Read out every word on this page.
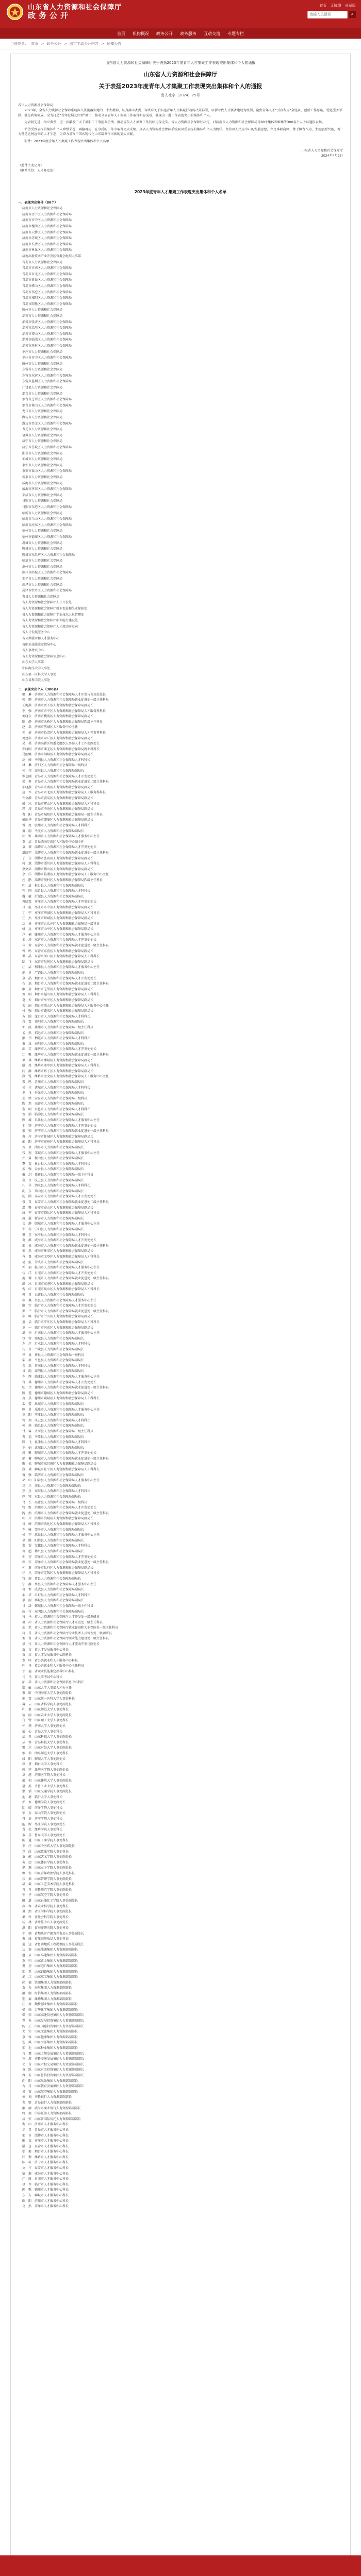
山东省人力资源和社会保障厅
政务公开
首页 无障碍 长辈版
请输入关键词
⌕
首页 机构概况 政务公开 政务服务 互动交流 专题专栏
当前位置： 首页 > 政务公开 > 法定主动公开内容 > 通知公告
山东省人力资源和社会保障厅关于表扬2023年度青年人才集聚工作表现突出集体和个人的通报
山东省人力资源和社会保障厅
关于表扬2023年度青年人才集聚工作表现突出集体和个人的通报
鲁人社字〔2024〕25号
各市人力资源社会保障局：

2023年，全省人力资源社会保障系统深入贯彻落实党的二十大精神，认真落实省委、省政府关于实施青年人才集聚行动的决策部署，以新时代人才强省建设为统领，聚焦青年人才“引育留用”全链条，创新工作思路，优化服务举措，强化政策集成，全力打造“青年发展友好型”城市，推动全省青年人才集聚工作取得明显成效，涌现出一批工作表现突出的集体和个人。

为表扬先进、树立典型，进一步激发广大干部职工干事创业热情，推动青年人才集聚工作持续走深走实，省人力资源社会保障厅决定，对济南市人力资源和社会保障局等80个集体和姬琳等300名个人予以通报表扬。

希望受到表扬的集体和个人珍惜荣誉，再接再厉，在今后的工作中取得更大成绩。全省人力资源社会保障系统要以受表扬的集体和个人为榜样，坚持以人民为中心的发展思想，立足本职岗位，勇于担当作为，主动创新突破，着力营造近悦远来的人才生态，为奋力谱写中国式现代化山东篇章作出新的更大贡献。

附件：2023年度青年人才集聚工作表现突出集体和个人名单

山东省人力资源和社会保障厅
2024年4月2日
（此件主动公开）
（联系单位：人才开发处）
2023年度青年人才集聚工作表现突出集体和个人名单
一、表现突出集体（80个）
济南市人力资源和社会保障局
济南市历下区人力资源和社会保障局
济南市市中区人力资源和社会保障局
济南市槐荫区人力资源和社会保障局
济南市天桥区人力资源和社会保障局
济南市历城区人力资源和社会保障局
济南市长清区人力资源和社会保障局
济南市章丘区人力资源和社会保障局
济南高新技术产业开发区管委会组织人事部
青岛市人力资源和社会保障局
青岛市市南区人力资源和社会保障局
青岛市市北区人力资源和社会保障局
青岛市黄岛区人力资源和社会保障局
青岛市崂山区人力资源和社会保障局
青岛市李沧区人力资源和社会保障局
青岛市城阳区人力资源和社会保障局
青岛市即墨区人力资源和社会保障局
胶州市人力资源和社会保障局
淄博市人力资源和社会保障局
淄博市张店区人力资源和社会保障局
淄博市淄川区人力资源和社会保障局
淄博市博山区人力资源和社会保障局
淄博市临淄区人力资源和社会保障局
淄博市周村区人力资源和社会保障局
枣庄市人力资源和社会保障局
枣庄市市中区人力资源和社会保障局
滕州市人力资源和社会保障局
东营市人力资源和社会保障局
东营市东营区人力资源和社会保障局
东营市垦利区人力资源和社会保障局
广饶县人力资源和社会保障局
烟台市人力资源和社会保障局
烟台市芝罘区人力资源和社会保障局
烟台市莱山区人力资源和社会保障局
龙口市人力资源和社会保障局
潍坊市人力资源和社会保障局
潍坊市奎文区人力资源和社会保障局
寿光市人力资源和社会保障局
诸城市人力资源和社会保障局
济宁市人力资源和社会保障局
济宁市任城区人力资源和社会保障局
曲阜市人力资源和社会保障局
邹城市人力资源和社会保障局
泰安市人力资源和社会保障局
泰安市泰山区人力资源和社会保障局
新泰市人力资源和社会保障局
威海市人力资源和社会保障局
威海市环翠区人力资源和社会保障局
荣成市人力资源和社会保障局
日照市人力资源和社会保障局
日照市东港区人力资源和社会保障局
临沂市人力资源和社会保障局
临沂市兰山区人力资源和社会保障局
临沂市河东区人力资源和社会保障局
德州市人力资源和社会保障局
德州市德城区人力资源和社会保障局
禹城市人力资源和社会保障局
聊城市人力资源和社会保障局
聊城市东昌府区人力资源和社会保障局
临清市人力资源和社会保障局
滨州市人力资源和社会保障局
滨州市滨城区人力资源和社会保障局
邹平市人力资源和社会保障局
菏泽市人力资源和社会保障局
菏泽市牡丹区人力资源和社会保障局
曹县人力资源和社会保障局
省人力资源和社会保障厅人才开发处
省人力资源和社会保障厅就业促进和失业保险处
省人力资源和社会保障厅专业技术人员管理处
省人力资源和社会保障厅职业能力建设处
省人力资源和社会保障厅人才流动开发司
省人才发展服务中心
省公共就业和人才服务中心
省职业技能鉴定指导中心
省人事考试中心
省人力资源和社会保障信息中心
山东大学人事部
中国海洋大学人事处
山东第一医科大学人事处
山东省科学院人事处
二、表现突出个人（300名）
姬　琳　济南市人力资源和社会保障局人才开发与市场处处长
张　鹏　济南市人力资源和社会保障局就业促进处一级主任科员
王海燕　济南市历下区人力资源和社会保障局副局长
李　强　济南市市中区人力资源和社会保障局人才服务科科长
刘晓东　济南市槐荫区人力资源和社会保障局副局长
陈　静　济南市天桥区人力资源和社会保障局四级主任科员
赵　磊　济南市历城区人才服务中心主任
孙　倩　济南市长清区人力资源和社会保障局人才开发科科长
周建华　济南市章丘区人力资源和社会保障局副局长
吴　昊　济南高新区管委会组织人事部人才工作处副处长
郑晓明　济南市莱芜区人力资源和社会保障局就业科科长
马丽娜　济南市钢城区人力资源和社会保障局副局长
高　峰　平阴县人力资源和社会保障局人才科科长
林　琳　济阳区人力资源和社会保障局一级科员
何　伟　商河县人力资源和社会保障局副局长
罗志刚　青岛市人力资源和社会保障局人才开发处处长
梁　爽　青岛市人力资源和社会保障局就业促进处二级主任科员
宋晓燕　青岛市市南区人力资源和社会保障局副局长
唐　军　青岛市市北区人力资源和社会保障局人才服务科科长
许文静　青岛市黄岛区人力资源和社会保障局副局长
韩　冰　青岛市崂山区人力资源和社会保障局人才科科长
冯　涛　青岛市李沧区人力资源和社会保障局副局长
曹　阳　青岛市城阳区人力资源和社会保障局一级主任科员
彭丽华　青岛市即墨区人力资源和社会保障局副局长
曾　亮　胶州市人力资源和社会保障局人才科科长
萧　雨　平度市人力资源和社会保障局副局长
田　野　莱西市人力资源和社会保障局人才服务中心主任
董　洁　青岛西海岸新区人才服务中心副主任
袁　博　淄博市人力资源和社会保障局人才开发处处长
潘晓宇　淄博市人力资源和社会保障局就业促进处一级主任科员
于　佳　淄博市张店区人力资源和社会保障局副局长
蒋　斌　淄博市淄川区人力资源和社会保障局人才科科长
蔡文华　淄博市博山区人力资源和社会保障局副局长
余　洋　淄博市临淄区人力资源和社会保障局人才服务中心主任
杜　鹃　淄博市周村区人力资源和社会保障局四级主任科员
叶　晨　桓台县人力资源和社会保障局副局长
程　刚　高青县人力资源和社会保障局人才科科长
魏　敏　沂源县人力资源和社会保障局副局长
苏晓雪　枣庄市人力资源和社会保障局人才开发处处长
吕　航　枣庄市市中区人力资源和社会保障局副局长
丁　宁　枣庄市薛城区人力资源和社会保障局人才科科长
任　杰　枣庄市峄城区人力资源和社会保障局副局长
沈　悦　枣庄市台儿庄区人力资源和社会保障局一级科员
姚　远　枣庄市山亭区人力资源和社会保障局副局长
卢　楠　滕州市人力资源和社会保障局人才服务中心主任
姜　涛　东营市人力资源和社会保障局人才开发处处长
崔　莹　东营市人力资源和社会保障局就业促进处一级主任科员
钟　鸣　东营市东营区人力资源和社会保障局副局长
谭　晶　东营市河口区人力资源和社会保障局人才科科长
陆　飞　东营市垦利区人力资源和社会保障局副局长
汪　洁　利津县人力资源和社会保障局人才服务中心主任
范　勇　广饶县人力资源和社会保障局副局长
金　晶　烟台市人力资源和社会保障局人才开发处处长
石　磊　烟台市人力资源和社会保障局就业促进处二级主任科员
廖　芳　烟台市芝罘区人力资源和社会保障局副局长
贾　明　烟台市福山区人力资源和社会保障局人才科科长
夏　天　烟台市牟平区人力资源和社会保障局副局长
韦　丽　烟台市莱山区人力资源和社会保障局人才服务中心主任
付　强　烟台市蓬莱区人力资源和社会保障局副局长
方　圆　龙口市人力资源和社会保障局人才科科长
白　雪　莱阳市人力资源和社会保障局副局长
邹　凯　莱州市人力资源和社会保障局一级主任科员
孟　然　招远市人力资源和社会保障局副局长
熊　伟　栖霞市人力资源和社会保障局人才科科长
秦　岚　海阳市人力资源和社会保障局副局长
邱　实　潍坊市人力资源和社会保障局人才开发处处长
江　帆　潍坊市人力资源和社会保障局就业促进处一级主任科员
尹　琪　潍坊市潍城区人力资源和社会保障局副局长
薛　亮　潍坊市寒亭区人力资源和社会保障局人才科科长
闫　静　潍坊市坊子区人力资源和社会保障局副局长
段　锐　潍坊市奎文区人力资源和社会保障局人才服务中心主任
雷　鸣　青州市人力资源和社会保障局副局长
侯　佳　诸城市人力资源和社会保障局人才科科长
龙　飞　寿光市人力资源和社会保障局副局长
史　婷　安丘市人力资源和社会保障局一级科员
陶　然　高密市人力资源和社会保障局副局长
黎　明　昌邑市人力资源和社会保障局人才科科长
贺　娟　临朐县人力资源和社会保障局副局长
顾　城　昌乐县人力资源和社会保障局人才服务中心主任
毛　颖　济宁市人力资源和社会保障局人才开发处处长
郝　帅　济宁市人力资源和社会保障局就业促进处一级主任科员
龚　玲　济宁市任城区人力资源和社会保障局副局长
邵　阳　济宁市兖州区人力资源和社会保障局人才科科长
万　里　曲阜市人力资源和社会保障局副局长
钱　程　邹城市人力资源和社会保障局人才服务中心主任
严　肃　微山县人力资源和社会保障局副局长
覃　雯　鱼台县人力资源和社会保障局人才科科长
武　强　金乡县人力资源和社会保障局副局长
戴　玥　嘉祥县人力资源和社会保障局一级主任科员
莫　言　汶上县人力资源和社会保障局副局长
孔　祥　泗水县人力资源和社会保障局人才科科长
向　东　梁山县人力资源和社会保障局副局长
汤　圆　泰安市人力资源和社会保障局人才开发处处长
常　青　泰安市人力资源和社会保障局就业促进处二级主任科员
温　馨　泰安市泰山区人力资源和社会保障局副局长
康　宁　泰安市岱岳区人力资源和社会保障局人才科科长
施　展　新泰市人力资源和社会保障局副局长
文　静　肥城市人力资源和社会保障局人才服务中心主任
牛　犇　宁阳县人力资源和社会保障局副局长
樊　星　东平县人力资源和社会保障局人才科科长
葛　洪　威海市人力资源和社会保障局人才开发处处长
邢　悦　威海市人力资源和社会保障局就业促进处一级主任科员
安　然　威海市环翠区人力资源和社会保障局副局长
齐　鲁　威海市文登区人力资源和社会保障局人才科科长
易　航　荣成市人力资源和社会保障局副局长
乔　羽　乳山市人力资源和社会保障局人才服务中心主任
伍　洋　日照市人力资源和社会保障局人才开发处处长
庞　博　日照市人力资源和社会保障局就业促进处一级主任科员
颜　冰　日照市东港区人力资源和社会保障局副局长
倪　红　日照市岚山区人力资源和社会保障局人才科科长
柳　青　五莲县人力资源和社会保障局副局长
申　奥　莒县人力资源和社会保障局人才服务中心主任
殷　实　临沂市人力资源和社会保障局人才开发处处长
罗　兰　临沂市人力资源和社会保障局就业促进处二级主任科员
华　峰　临沂市兰山区人力资源和社会保障局副局长
童　话　临沂市罗庄区人力资源和社会保障局人才科科长
单　一　临沂市河东区人力资源和社会保障局副局长
洪　亮　沂南县人力资源和社会保障局人才服务中心主任
包　容　郯城县人力资源和社会保障局副局长
左　岸　沂水县人力资源和社会保障局人才科科长
石　岩　兰陵县人力资源和社会保障局副局长
崔　岚　费县人力资源和社会保障局一级科员
柴　扉　平邑县人力资源和社会保障局副局长
翟　磊　莒南县人力资源和社会保障局人才科科长
谷　雨　蒙阴县人力资源和社会保障局副局长
车　辉　临沭县人力资源和社会保障局人才服务中心主任
宫　琪　德州市人力资源和社会保障局人才开发处处长
纪　伟　德州市人力资源和社会保障局就业促进处一级主任科员
路　遥　德州市德城区人力资源和社会保障局副局长
房　晨　德州市陵城区人力资源和社会保障局人才科科长
裴　蕾　禹城市人力资源和社会保障局副局长
鲍　勇　乐陵市人力资源和社会保障局人才服务中心主任
焦　阳　宁津县人力资源和社会保障局副局长
管　理　庆云县人力资源和社会保障局人才科科长
柯　南　临邑县人力资源和社会保障局副局长
甘　霖　齐河县人力资源和社会保障局一级主任科员
祝　福　平原县人力资源和社会保障局副局长
滕　飞　夏津县人力资源和社会保障局人才科科长
卞　娟　武城县人力资源和社会保障局副局长
封　帆　聊城市人力资源和社会保障局人才开发处处长
储　蓄　聊城市人力资源和社会保障局就业促进处一级主任科员
靳　松　聊城市东昌府区人力资源和社会保障局副局长
段　琪　聊城市茌平区人力资源和社会保障局人才科科长
富　强　临清市人力资源和社会保障局副局长
巫　山　阳谷县人力资源和社会保障局人才服务中心主任
乌　兰　莘县人力资源和社会保障局副局长
焦　点　东阿县人力资源和社会保障局人才科科长
巴　特　冠县人力资源和社会保障局副局长
弓　长　高唐县人力资源和社会保障局一级科员
牧　野　滨州市人力资源和社会保障局人才开发处处长
隗　然　滨州市人力资源和社会保障局就业促进处二级主任科员
山　川　滨州市滨城区人力资源和社会保障局副局长
谷　峰　滨州市沾化区人力资源和社会保障局人才科科长
车　骑　邹平市人力资源和社会保障局副局长
侯　宇　惠民县人力资源和社会保障局人才服务中心主任
全　胜　阳信县人力资源和社会保障局副局长
郗　雯　无棣县人力资源和社会保障局人才科科长
班　超　博兴县人力资源和社会保障局副局长
仰　望　菏泽市人力资源和社会保障局人才开发处处长
秋　实　菏泽市人力资源和社会保障局就业促进处一级主任科员
仲　夏　菏泽市牡丹区人力资源和社会保障局副局长
伊　凡　菏泽市定陶区人力资源和社会保障局人才科科长
宫　商　曹县人力资源和社会保障局副局长
宁　静　单县人力资源和社会保障局人才服务中心主任
仇　恒　成武县人力资源和社会保障局副局长
栾　华　巨野县人力资源和社会保障局人才科科长
暴　雨　郓城县人力资源和社会保障局副局长
甘　甜　鄄城县人力资源和社会保障局一级主任科员
厉　行　东明县人力资源和社会保障局副局长
戎　马　省人力资源和社会保障厅人才开发处一级调研员
祖　冲　省人力资源和社会保障厅人才开发处二级主任科员
武　术　省人力资源和社会保障厅就业促进和失业保险处一级主任科员
符　号　省人力资源和社会保障厅专业技术人员管理处二级调研员
刘　备　省人力资源和社会保障厅职业能力建设处一级主任科员
景　行　省人力资源和社会保障厅人才流动开发司副处长
詹　言　省人才发展服务中心科长
束　岩　省人才发展服务中心副科长
龙　吟　省公共就业和人才服务中心科长
叶　舟　省公共就业和人才服务中心主任科员
幸　福　省职业技能鉴定指导中心科长
司　马　省人事考试中心科长
韶　华　省人力资源和社会保障信息中心科长
郜　敏　山东大学人事部人才办主任
黎　昕　中国海洋大学人事处副处长
蓟　雪　山东第一医科大学人事处科长
薄　云　山东省科学院人事处副处长
印　象　山东师范大学人事处科长
宿　雨　山东农业大学人事处副处长
白　鹭　山东理工大学人事处科长
怀　瑾　济南大学人事处副处长
蒲　公　青岛大学人事处科长
邰　然　山东科技大学人事处副处长
从　容　青岛科技大学人事处科长
鄂　尔　山东财经大学人事处副处长
索　菲　曲阜师范大学人事处科长
咸　阳　聊城大学人事处副处长
籍　贯　烟台大学人事处科长
赖　宁　潍坊医学院人事处副处长
卓　越　滨州医学院人事处科长
蔺　相　山东建筑大学人事处副处长
屠　苏　齐鲁工业大学人事处科长
蒙　恬　山东交通学院人事处副处长
池　塘　临沂大学人事处科长
乔　木　德州学院人事处副处长
阴　晴　菏泽学院人事处科长
郁　金　泰山学院人事处副处长
胥　吏　济宁学院人事处科长
能　源　枣庄学院人事处副处长
苍　松　潍坊学院人事处科长
双　喜　鲁东大学人事处副处长
闻　道　山东工商学院人事处科长
莘　庄　山东中医药大学人事处副处长
党　政　山东政法学院人事处科长
贡　献　山东艺术学院人事处副处长
劳　动　山东体育学院人事处科长
逄　源　山东女子学院人事处副处长
姬　发　山东青年政治学院人事处科长
扶　摇　山东管理学院人事处副处长
堵　截　山东工艺美术学院人事处科长
冉　冉　齐鲁师范学院人事处副处长
宰　予　山东航空学院人事处科长
郦　道　山东石油化工学院人事处副处长
雍　容　省农业科学院人事处科长
璩　然　省医学科学院人事处副处长
桑　梓　省社会科学院人事处科长
桂　林　省计算中心人事处副处长
濮　阳　省海洋研究院人事处科长
牛　顿　省地质矿产勘查开发局人事处副处长
寿　康　省煤田地质局人事处科长
通　达　省鲁南地质工程勘察院人事处副处长
边　塞　山东能源集团人力资源部副部长
扈　从　山东高速集团人力资源部副部长
燕　归　山东黄金集团人力资源部副部长
冀　望　山东港口集团人力资源部副部长
郏　然　山东钢铁集团人力资源部副部长
浦　江　山东重工集团人力资源部副部长
尚　德　浪潮集团人力资源部副部长
农　夫　海尔集团人力资源部副部长
温　润　海信集团人力资源部副部长
别　离　潍柴集团人力资源部副部长
庄　周　魏桥创业集团人力资源部副部长
晏　殊　万华化学集团人力资源部副部长
柴　荣　山东高速信息集团人力资源部副部长
瞿　秋　山东发展投资集团人力资源部副部长
阎　王　山东国惠投资集团人力资源部副部长
充　实　山东文旅集团人力资源部副部长
慕　容　山东健康集团人力资源部副部长
连　城　山东海洋集团人力资源部副部长
茹　毛　山东种业集团人力资源部副部长
习　惯　山东土地发展集团人力资源部副部长
宦　游　齐鲁交通发展集团人力资源部副部长
艾　青　山东产权交易集团人力资源部副部长
鱼　跃　山东财金投资集团人力资源部副部长
容　若　山东鲁信投资集团人力资源部副部长
向　阳　山东出版集团人力资源部副部长
古　月　山东教育发展集团人力资源部副部长
易　安　山东航空集团人力资源部副部长
慎　独　齐鲁银行人力资源部副部长
戈　壁　青岛银行人力资源部副部长
廖　廓　威海市商业银行人力资源部副部长
终　南　中泰证券人力资源部副部长
居　安　山东省国际信托人力资源部副部长
衡　山　济南市人才服务中心科长
步　青　青岛市人才服务中心科长
都　市　淄博市人才服务中心科长
耿　直　枣庄市人才服务中心科长
满　仓　东营市人才服务中心科长
弘　毅　烟台市人才服务中心科长
匡　衡　潍坊市人才服务中心科长
国　栋　济宁市人才服务中心科长
文　才　泰安市人才服务中心科长
寇　准　威海市人才服务中心科长
广　厦　日照市人才服务中心科长
禄　存　临沂市人才服务中心科长
阙　歌　德州市人才服务中心科长
东　方　聊城市人才服务中心科长
欧　阳　滨州市人才服务中心科长
殳　然　菏泽市人才服务中心科长
